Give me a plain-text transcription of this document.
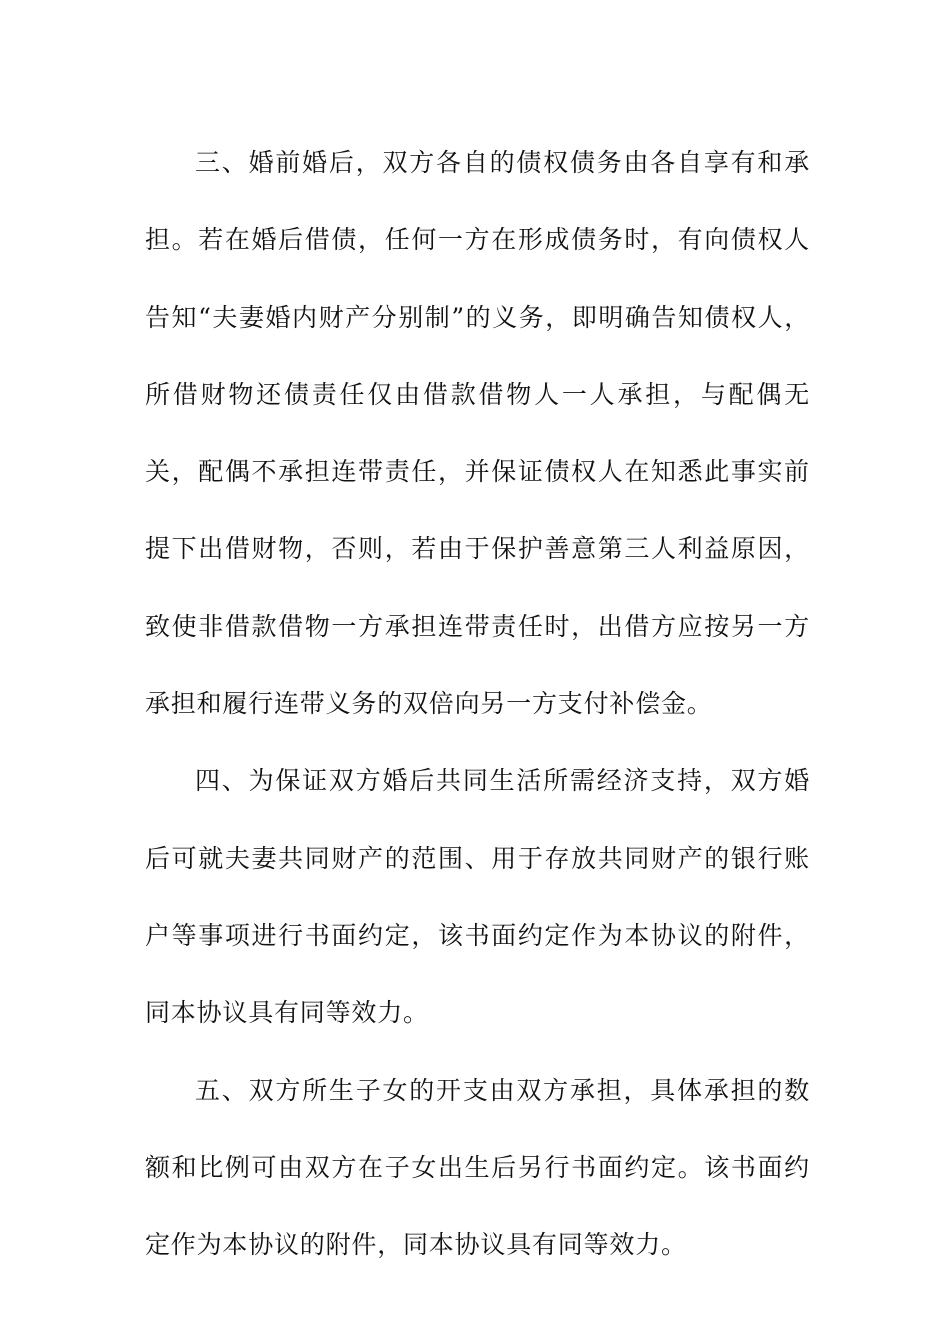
三、婚前婚后，双方各自的债权债务由各自享有和承担。若在婚后借债，任何一方在形成债务时，有向债权人告知“夫妻婚内财产分别制”的义务，即明确告知债权人，所借财物还债责任仅由借款借物人一人承担，与配偶无关，配偶不承担连带责任，并保证债权人在知悉此事实前提下出借财物，否则，若由于保护善意第三人利益原因，致使非借款借物一方承担连带责任时，出借方应按另一方承担和履行连带义务的双倍向另一方支付补偿金。

四、为保证双方婚后共同生活所需经济支持，双方婚后可就夫妻共同财产的范围、用于存放共同财产的银行账户等事项进行书面约定，该书面约定作为本协议的附件，同本协议具有同等效力。

五、双方所生子女的开支由双方承担，具体承担的数额和比例可由双方在子女出生后另行书面约定。该书面约定作为本协议的附件，同本协议具有同等效力。
